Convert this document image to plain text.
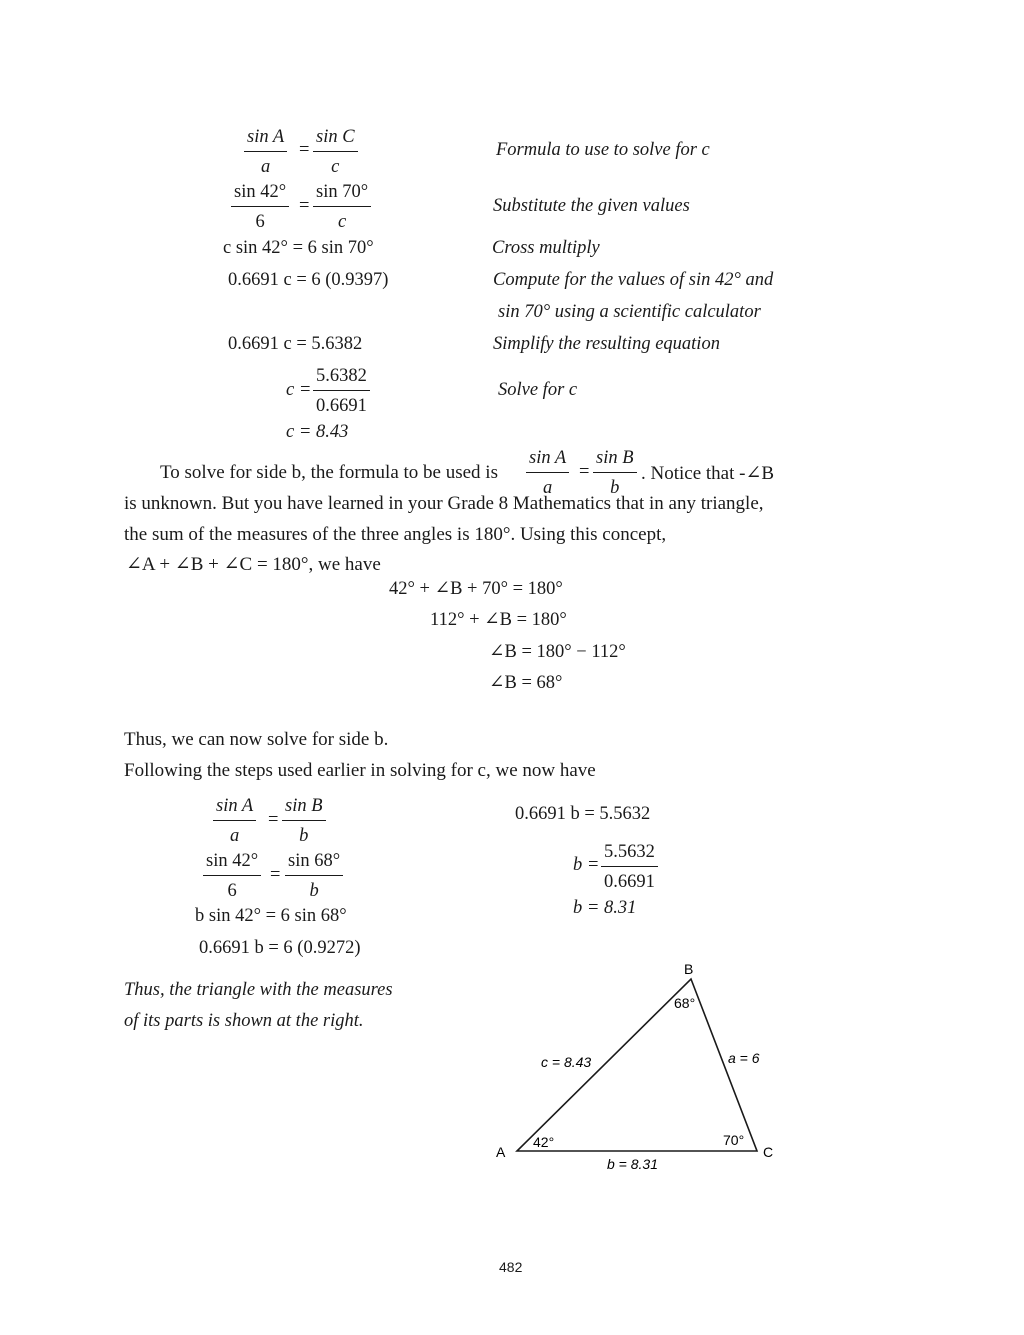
$\frac{\text{sin A}}{a} = \frac{\text{sin C}}{c}$	Formula to use to solve for c
$\frac{\sin 42^\circ}{6} = \frac{\sin 70^\circ}{c}$	Substitute the given values
c sin 42° = 6 sin 70°	Cross multiply
0.6691 c = 6 (0.9397)	Compute for the values of sin 42° and
sin 70° using a scientific calculator
0.6691 c = 5.6382	Simplify the resulting equation
$c = \frac{5.6382}{0.6691}$	Solve for c
c = 8.43
To solve for side b, the formula to be used is $\frac{\text{sin A}}{a} = \frac{\text{sin B}}{b}$ . Notice that -∠B
is unknown. But you have learned in your Grade 8 Mathematics that in any triangle,
the sum of the measures of the three angles is 180°. Using this concept,
∠A + ∠B + ∠C = 180°, we have
42° + ∠B + 70° = 180°
112° + ∠B = 180°
∠B = 180° − 112°
∠B = 68°
Thus, we can now solve for side b.
Following the steps used earlier in solving for c, we now have
$\frac{\text{sin A}}{a} = \frac{\text{sin B}}{b}$
$\frac{\sin 42^\circ}{6} = \frac{\sin 68^\circ}{b}$
b sin 42° = 6 sin 68°
0.6691 b = 6 (0.9272)
0.6691 b = 5.5632
$b = \frac{5.5632}{0.6691}$
b = 8.31
Thus, the triangle with the measures
of its parts is shown at the right.
A
B
C
42°
68°
70°
c = 8.43	a = 6
b = 8.31
482
